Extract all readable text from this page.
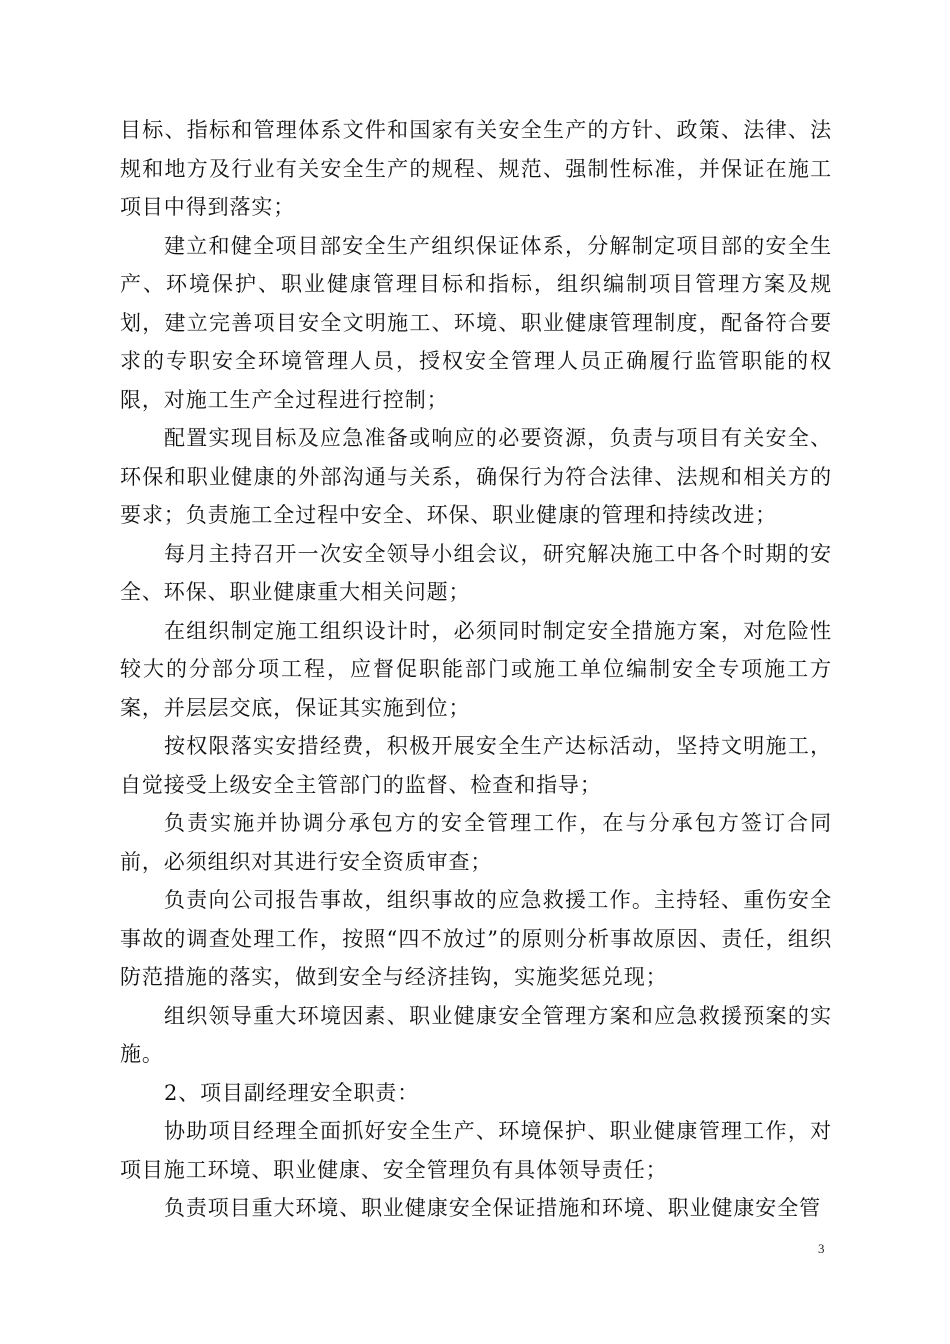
目标、指标和管理体系文件和国家有关安全生产的方针、政策、法律、法规和地方及行业有关安全生产的规程、规范、强制性标准，并保证在施工项目中得到落实；

建立和健全项目部安全生产组织保证体系，分解制定项目部的安全生产、环境保护、职业健康管理目标和指标，组织编制项目管理方案及规划，建立完善项目安全文明施工、环境、职业健康管理制度，配备符合要求的专职安全环境管理人员，授权安全管理人员正确履行监管职能的权限，对施工生产全过程进行控制；

配置实现目标及应急准备或响应的必要资源，负责与项目有关安全、环保和职业健康的外部沟通与关系，确保行为符合法律、法规和相关方的要求；负责施工全过程中安全、环保、职业健康的管理和持续改进；

每月主持召开一次安全领导小组会议，研究解决施工中各个时期的安全、环保、职业健康重大相关问题；

在组织制定施工组织设计时，必须同时制定安全措施方案，对危险性较大的分部分项工程，应督促职能部门或施工单位编制安全专项施工方案，并层层交底，保证其实施到位；

按权限落实安措经费，积极开展安全生产达标活动，坚持文明施工，自觉接受上级安全主管部门的监督、检查和指导；

负责实施并协调分承包方的安全管理工作，在与分承包方签订合同前，必须组织对其进行安全资质审查；

负责向公司报告事故，组织事故的应急救援工作。主持轻、重伤安全事故的调查处理工作，按照“四不放过”的原则分析事故原因、责任，组织防范措施的落实，做到安全与经济挂钩，实施奖惩兑现；

组织领导重大环境因素、职业健康安全管理方案和应急救援预案的实施。

2、项目副经理安全职责：

协助项目经理全面抓好安全生产、环境保护、职业健康管理工作，对项目施工环境、职业健康、安全管理负有具体领导责任；

负责项目重大环境、职业健康安全保证措施和环境、职业健康安全管

3
